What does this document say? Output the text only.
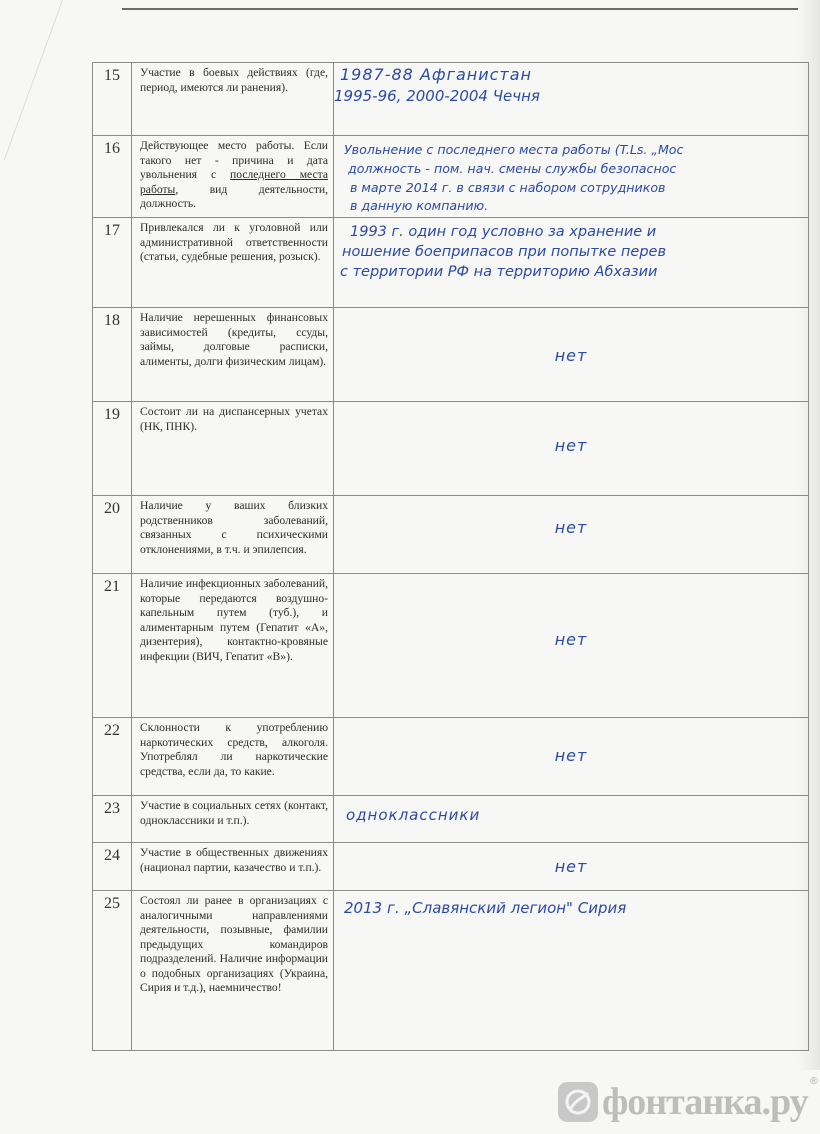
15	Участие в боевых действиях (где, период, имеются ли ранения).	1987-88 Афганистан
1995-96, 2000-2004 Чечня

16	Действующее место работы. Если такого нет - причина и дата увольнения с последнего места работы, вид деятельности, должность.	Увольнение с последнего места работы (T.Ls. „Мос
должность - пом. нач. смены службы безопаснос
в марте 2014 г. в связи с набором сотрудников
в данную компанию.

17	Привлекался ли к уголовной или административной ответственности (статьи, судебные решения, розыск).	1993 г. один год условно за хранение и
ношение боеприпасов при попытке перев
с территории РФ на территорию Абхазии

18	Наличие нерешенных финансовых зависимостей (кредиты, ссуды, займы, долговые расписки, алименты, долги физическим лицам).	нет

19	Состоит ли на диспансерных учетах (НК, ПНК).	нет

20	Наличие у ваших близких родственников заболеваний, связанных с психическими отклонениями, в т.ч. и эпилепсия.	нет

21	Наличие инфекционных заболеваний, которые передаются воздушно-капельным путем (туб.), и алиментарным путем (Гепатит «А», дизентерия), контактно-кровяные инфекции (ВИЧ, Гепатит «В»).	нет

22	Склонности к употреблению наркотических средств, алкоголя. Употреблял ли наркотические средства, если да, то какие.	нет

23	Участие в социальных сетях (контакт, одноклассники и т.п.).	одноклассники

24	Участие в общественных движениях (национал партии, казачество и т.п.).	нет

25	Состоял ли ранее в организациях с аналогичными направлениями деятельности, позывные, фамилии предыдущих командиров подразделений. Наличие информации о подобных организациях (Украина, Сирия и т.д.), наемничество!	2013 г. „Славянский легион" Сирия
фонтанка.ру ®
